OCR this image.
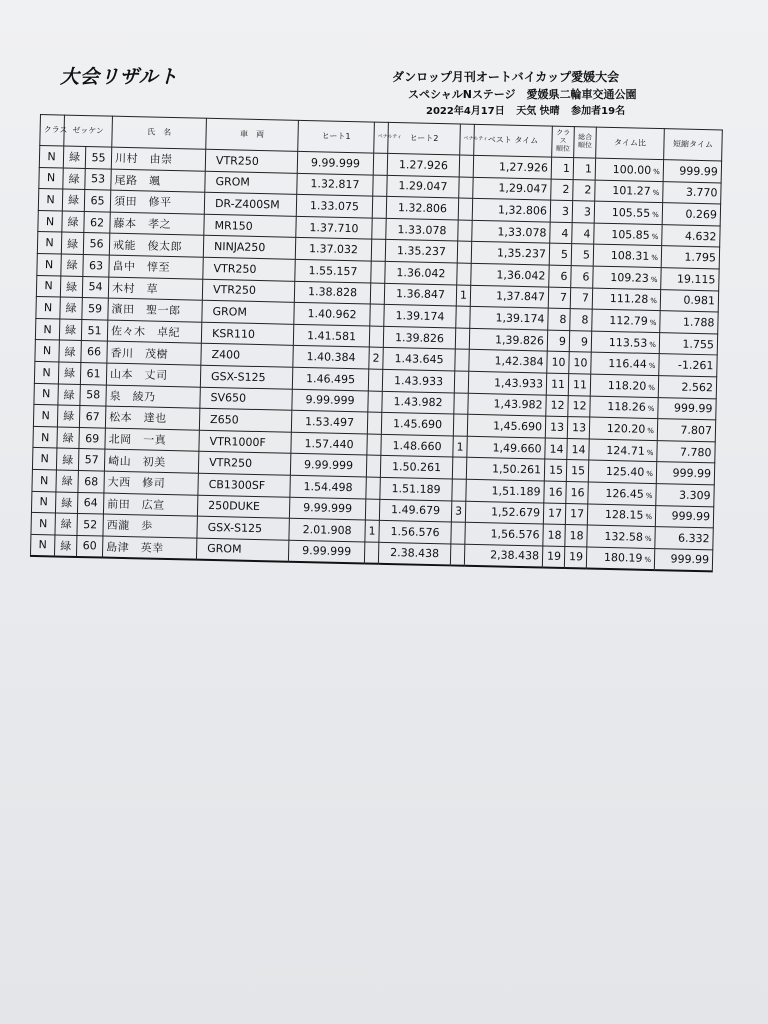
大会リザルト	ダンロップ月刊オートバイカップ愛媛大会
スペシャルNステージ　愛媛県二輪車交通公園
2022年4月17日 天気 快晴 参加者19名
クラス	ゼッケン		氏　名	車　両	ヒート1	ペナルティ	ヒート2	ペナルティ	ベスト タイム	クラス 順位	総合 順位	タイム比	短縮タイム
N	緑	55	川村　由崇	VTR250	9.99.999		1.27.926		1,27.926	1	1	100.00 %	999.99
N	緑	53	尾路　颯	GROM	1.32.817		1.29.047		1,29.047	2	2	101.27 %	3.770
N	緑	65	須田　修平	DR-Z400SM	1.33.075		1.32.806		1,32.806	3	3	105.55 %	0.269
N	緑	62	藤本　孝之	MR150	1.37.710		1.33.078		1,33.078	4	4	105.85 %	4.632
N	緑	56	戒能　俊太郎	NINJA250	1.37.032		1.35.237		1,35.237	5	5	108.31 %	1.795
N	緑	63	畠中　惇至	VTR250	1.55.157		1.36.042		1,36.042	6	6	109.23 %	19.115
N	緑	54	木村　草	VTR250	1.38.828		1.36.847	1	1,37.847	7	7	111.28 %	0.981
N	緑	59	濱田　聖一郎	GROM	1.40.962		1.39.174		1,39.174	8	8	112.79 %	1.788
N	緑	51	佐々木　卓紀	KSR110	1.41.581		1.39.826		1,39.826	9	9	113.53 %	1.755
N	緑	66	香川　茂樹	Z400	1.40.384	2	1.43.645		1,42.384	10	10	116.44 %	-1.261
N	緑	61	山本　丈司	GSX-S125	1.46.495		1.43.933		1,43.933	11	11	118.20 %	2.562
N	緑	58	泉　綾乃	SV650	9.99.999		1.43.982		1,43.982	12	12	118.26 %	999.99
N	緑	67	松本　達也	Z650	1.53.497		1.45.690		1,45.690	13	13	120.20 %	7.807
N	緑	69	北岡　一真	VTR1000F	1.57.440		1.48.660	1	1,49.660	14	14	124.71 %	7.780
N	緑	57	崎山　初美	VTR250	9.99.999		1.50.261		1,50.261	15	15	125.40 %	999.99
N	緑	68	大西　修司	CB1300SF	1.54.498		1.51.189		1,51.189	16	16	126.45 %	3.309
N	緑	64	前田　広宣	250DUKE	9.99.999		1.49.679	3	1,52.679	17	17	128.15 %	999.99
N	緑	52	西瀧　歩	GSX-S125	2.01.908	1	1.56.576		1,56.576	18	18	132.58 %	6.332
N	緑	60	島津　英幸	GROM	9.99.999		2.38.438		2,38.438	19	19	180.19 %	999.99
